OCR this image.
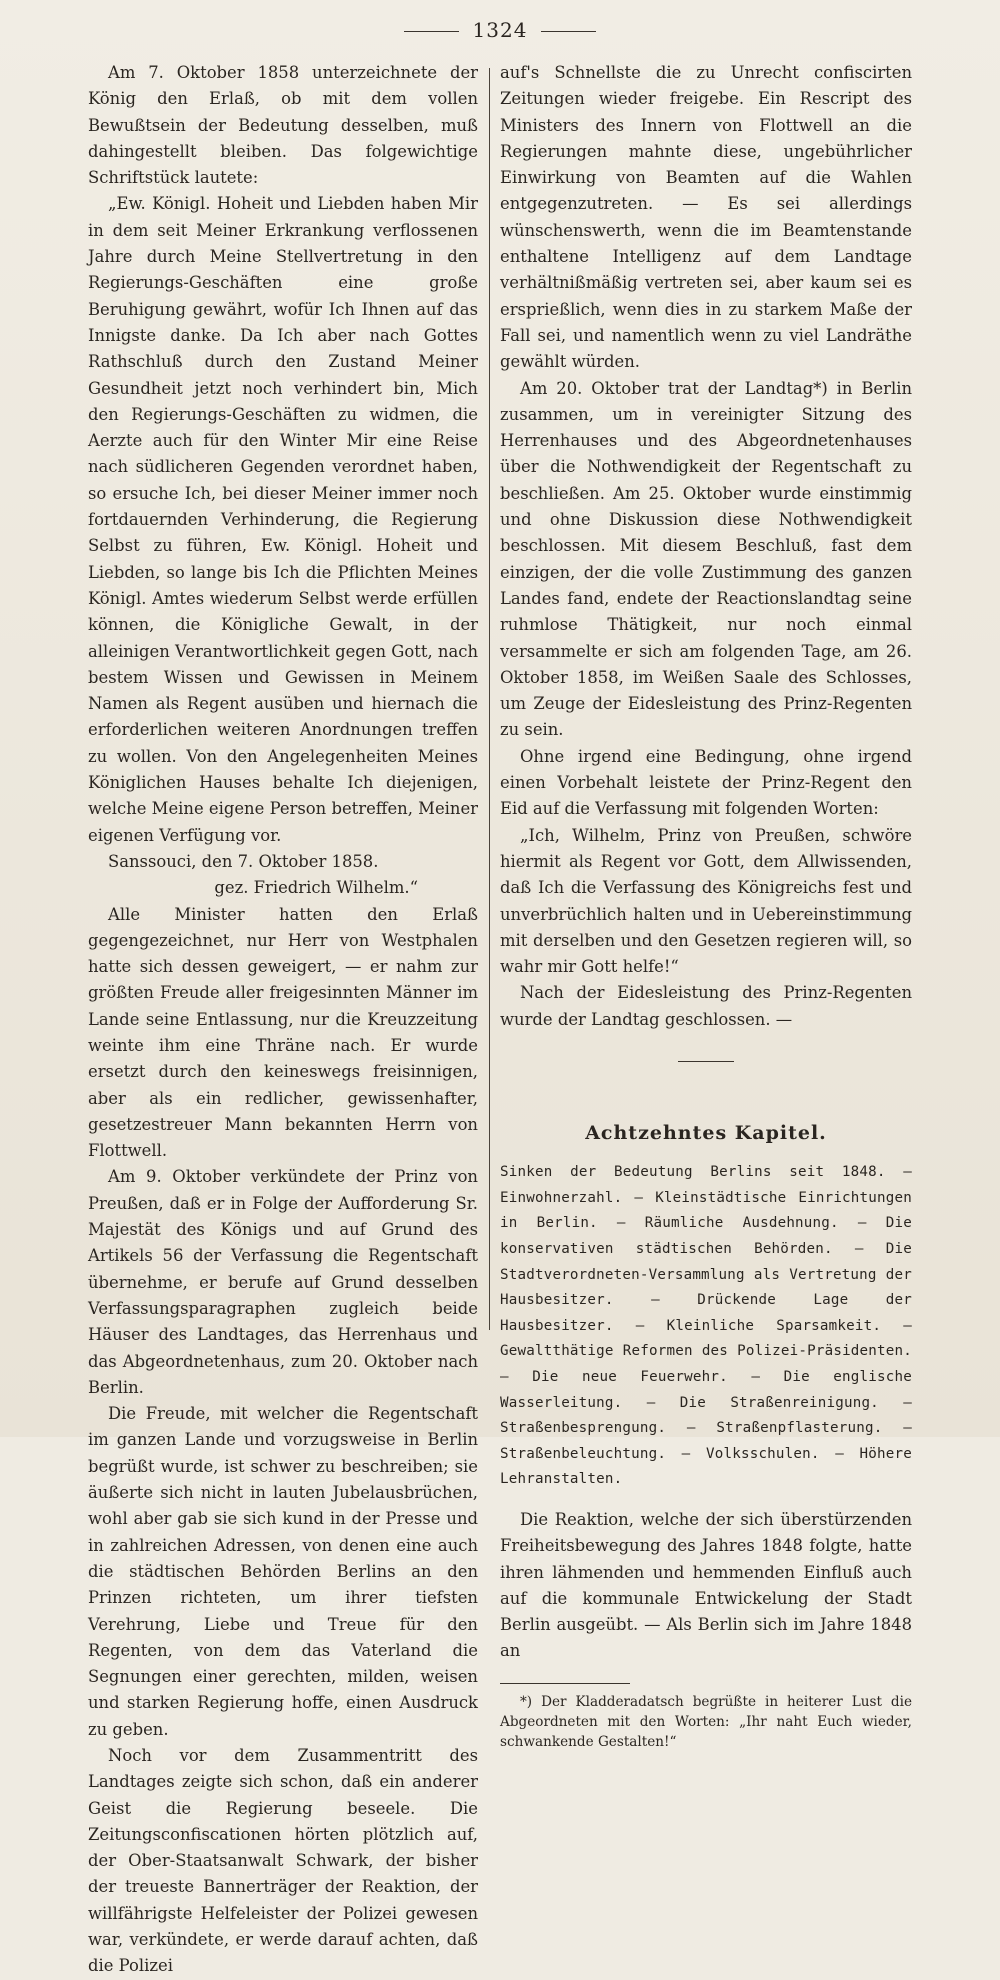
1324

Am 7. Oktober 1858 unterzeichnete der König den Erlaß, ob mit dem vollen Bewußtsein der Bedeutung desselben, muß dahingestellt bleiben. Das folgewichtige Schriftstück lautete:

„Ew. Königl. Hoheit und Liebden haben Mir in dem seit Meiner Erkrankung verflossenen Jahre durch Meine Stellvertretung in den Regierungs-Geschäften eine große Beruhigung gewährt, wofür Ich Ihnen auf das Innigste danke. Da Ich aber nach Gottes Rathschluß durch den Zustand Meiner Gesundheit jetzt noch verhindert bin, Mich den Regierungs-Geschäften zu widmen, die Aerzte auch für den Winter Mir eine Reise nach südlicheren Gegenden verordnet haben, so ersuche Ich, bei dieser Meiner immer noch fortdauernden Verhinderung, die Regierung Selbst zu führen, Ew. Königl. Hoheit und Liebden, so lange bis Ich die Pflichten Meines Königl. Amtes wiederum Selbst werde erfüllen können, die Königliche Gewalt, in der alleinigen Verantwortlichkeit gegen Gott, nach bestem Wissen und Gewissen in Meinem Namen als Regent ausüben und hiernach die erforderlichen weiteren Anordnungen treffen zu wollen. Von den Angelegenheiten Meines Königlichen Hauses behalte Ich diejenigen, welche Meine eigene Person betreffen, Meiner eigenen Verfügung vor.

Sanssouci, den 7. Oktober 1858.

gez. Friedrich Wilhelm.“

Alle Minister hatten den Erlaß gegengezeichnet, nur Herr von Westphalen hatte sich dessen geweigert, — er nahm zur größten Freude aller freigesinnten Männer im Lande seine Entlassung, nur die Kreuzzeitung weinte ihm eine Thräne nach. Er wurde ersetzt durch den keineswegs freisinnigen, aber als ein redlicher, gewissenhafter, gesetzestreuer Mann bekannten Herrn von Flottwell.

Am 9. Oktober verkündete der Prinz von Preußen, daß er in Folge der Aufforderung Sr. Majestät des Königs und auf Grund des Artikels 56 der Verfassung die Regentschaft übernehme, er berufe auf Grund desselben Verfassungsparagraphen zugleich beide Häuser des Landtages, das Herrenhaus und das Abgeordnetenhaus, zum 20. Oktober nach Berlin.

Die Freude, mit welcher die Regentschaft im ganzen Lande und vorzugsweise in Berlin begrüßt wurde, ist schwer zu beschreiben; sie äußerte sich nicht in lauten Jubelausbrüchen, wohl aber gab sie sich kund in der Presse und in zahlreichen Adressen, von denen eine auch die städtischen Behörden Berlins an den Prinzen richteten, um ihrer tiefsten Verehrung, Liebe und Treue für den Regenten, von dem das Vaterland die Segnungen einer gerechten, milden, weisen und starken Regierung hoffe, einen Ausdruck zu geben.

Noch vor dem Zusammentritt des Landtages zeigte sich schon, daß ein anderer Geist die Regierung beseele. Die Zeitungsconfiscationen hörten plötzlich auf, der Ober-Staatsanwalt Schwark, der bisher der treueste Bannerträger der Reaktion, der willfährigste Helfeleister der Polizei gewesen war, verkündete, er werde darauf achten, daß die Polizei

auf's Schnellste die zu Unrecht confiscirten Zeitungen wieder freigebe. Ein Rescript des Ministers des Innern von Flottwell an die Regierungen mahnte diese, ungebührlicher Einwirkung von Beamten auf die Wahlen entgegenzutreten. — Es sei allerdings wünschenswerth, wenn die im Beamtenstande enthaltene Intelligenz auf dem Landtage verhältnißmäßig vertreten sei, aber kaum sei es ersprießlich, wenn dies in zu starkem Maße der Fall sei, und namentlich wenn zu viel Landräthe gewählt würden.

Am 20. Oktober trat der Landtag*) in Berlin zusammen, um in vereinigter Sitzung des Herrenhauses und des Abgeordnetenhauses über die Nothwendigkeit der Regentschaft zu beschließen. Am 25. Oktober wurde einstimmig und ohne Diskussion diese Nothwendigkeit beschlossen. Mit diesem Beschluß, fast dem einzigen, der die volle Zustimmung des ganzen Landes fand, endete der Reactionslandtag seine ruhmlose Thätigkeit, nur noch einmal versammelte er sich am folgenden Tage, am 26. Oktober 1858, im Weißen Saale des Schlosses, um Zeuge der Eidesleistung des Prinz-Regenten zu sein.

Ohne irgend eine Bedingung, ohne irgend einen Vorbehalt leistete der Prinz-Regent den Eid auf die Verfassung mit folgenden Worten:

„Ich, Wilhelm, Prinz von Preußen, schwöre hiermit als Regent vor Gott, dem Allwissenden, daß Ich die Verfassung des Königreichs fest und unverbrüchlich halten und in Uebereinstimmung mit derselben und den Gesetzen regieren will, so wahr mir Gott helfe!“

Nach der Eidesleistung des Prinz-Regenten wurde der Landtag geschlossen. —

Achtzehntes Kapitel.
Sinken der Bedeutung Berlins seit 1848. — Einwohnerzahl. — Kleinstädtische Einrichtungen in Berlin. — Räumliche Ausdehnung. — Die konservativen städtischen Behörden. — Die Stadtverordneten-Versammlung als Vertretung der Hausbesitzer. — Drückende Lage der Hausbesitzer. — Kleinliche Sparsamkeit. — Gewaltthätige Reformen des Polizei-Präsidenten. — Die neue Feuerwehr. — Die englische Wasserleitung. — Die Straßenreinigung. — Straßenbesprengung. — Straßenpflasterung. — Straßenbeleuchtung. — Volksschulen. — Höhere Lehranstalten.

Die Reaktion, welche der sich überstürzenden Freiheitsbewegung des Jahres 1848 folgte, hatte ihren lähmenden und hemmenden Einfluß auch auf die kommunale Entwickelung der Stadt Berlin ausgeübt. — Als Berlin sich im Jahre 1848 an

*) Der Kladderadatsch begrüßte in heiterer Lust die Abgeordneten mit den Worten: „Ihr naht Euch wieder, schwankende Gestalten!“
